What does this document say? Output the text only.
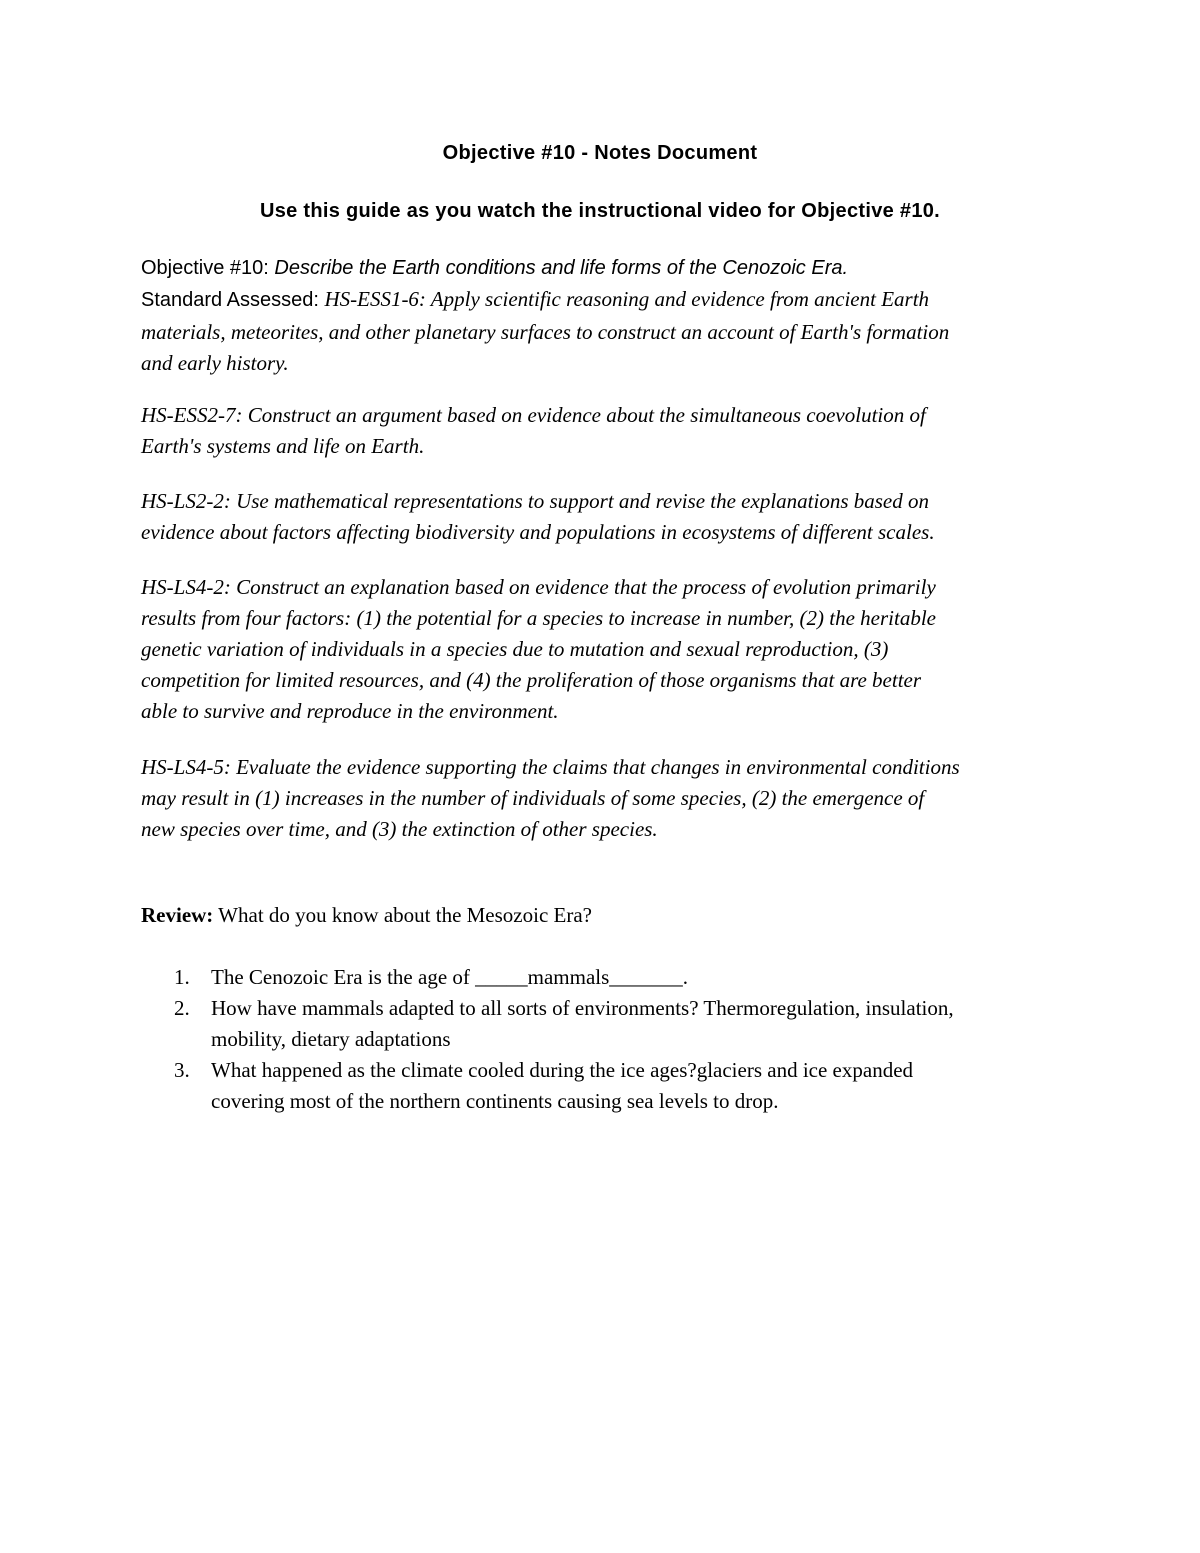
Objective #10 - Notes Document
Use this guide as you watch the instructional video for Objective #10.
Objective #10: Describe the Earth conditions and life forms of the Cenozoic Era.
Standard Assessed: HS-ESS1-6: Apply scientific reasoning and evidence from ancient Earth
materials, meteorites, and other planetary surfaces to construct an account of Earth's formation
and early history.
HS-ESS2-7: Construct an argument based on evidence about the simultaneous coevolution of
Earth's systems and life on Earth.
HS-LS2-2: Use mathematical representations to support and revise the explanations based on
evidence about factors affecting biodiversity and populations in ecosystems of different scales.
HS-LS4-2: Construct an explanation based on evidence that the process of evolution primarily
results from four factors: (1) the potential for a species to increase in number, (2) the heritable
genetic variation of individuals in a species due to mutation and sexual reproduction, (3)
competition for limited resources, and (4) the proliferation of those organisms that are better
able to survive and reproduce in the environment.
HS-LS4-5: Evaluate the evidence supporting the claims that changes in environmental conditions
may result in (1) increases in the number of individuals of some species, (2) the emergence of
new species over time, and (3) the extinction of other species.
Review: What do you know about the Mesozoic Era?
1. The Cenozoic Era is the age of _____mammals_______.
2. How have mammals adapted to all sorts of environments? Thermoregulation, insulation,
mobility, dietary adaptations
3. What happened as the climate cooled during the ice ages?glaciers and ice expanded
covering most of the northern continents causing sea levels to drop.
